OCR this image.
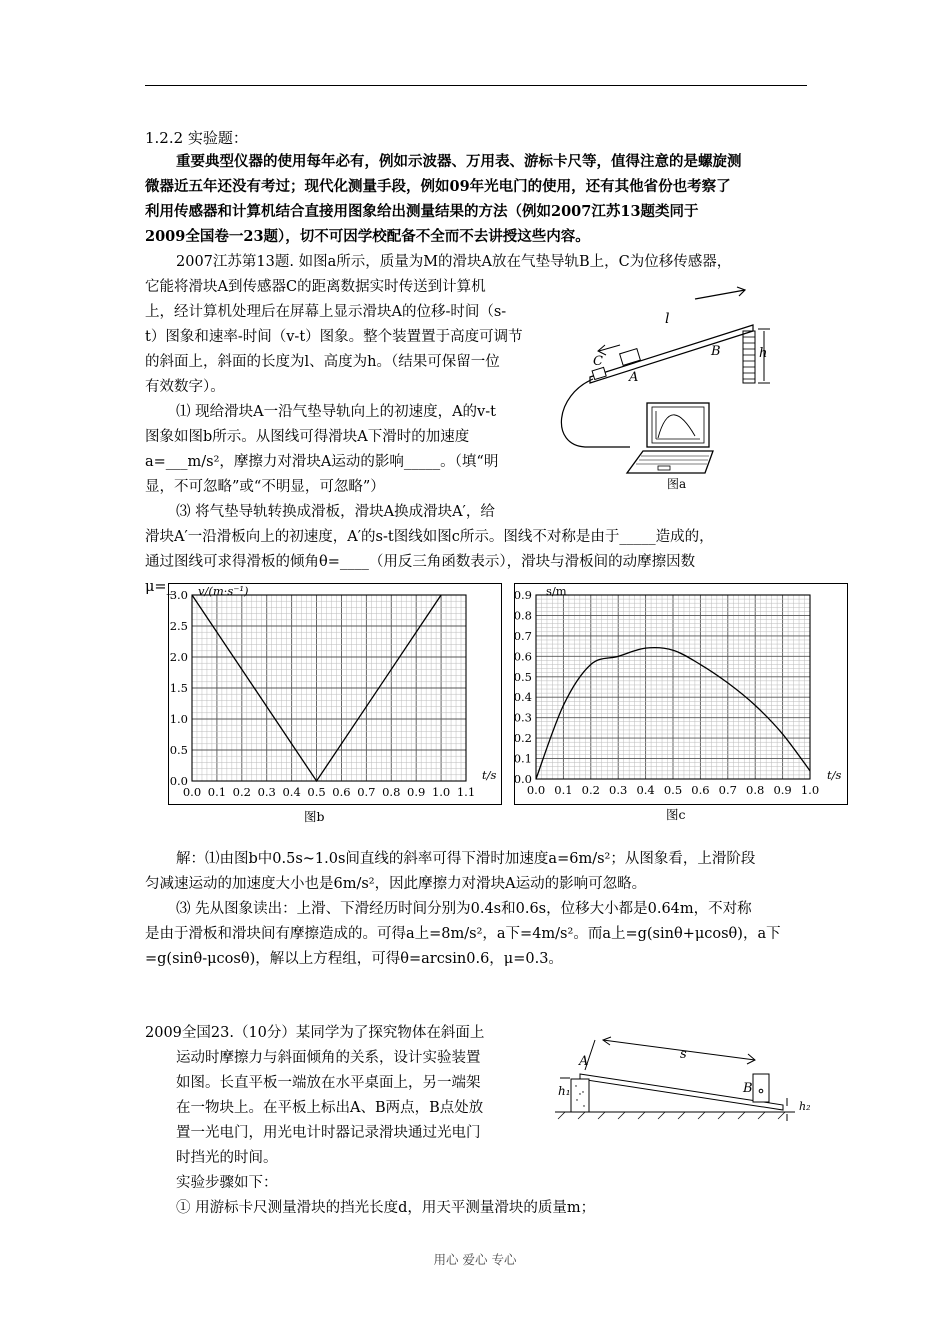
1.2.2 实验题：
重要典型仪器的使用每年必有，例如示波器、万用表、游标卡尺等，值得注意的是螺旋测
微器近五年还没有考过；现代化测量手段，例如09年光电门的使用，还有其他省份也考察了
利用传感器和计算机结合直接用图象给出测量结果的方法（例如2007江苏13题类同于
2009全国卷一23题），切不可因学校配备不全而不去讲授这些内容。
2007江苏第13题. 如图a所示，质量为M的滑块A放在气垫导轨B上，C为位移传感器，
它能将滑块A到传感器C的距离数据实时传送到计算机
上，经计算机处理后在屏幕上显示滑块A的位移-时间（s-
t）图象和速率-时间（v-t）图象。整个装置置于高度可调节
的斜面上，斜面的长度为l、高度为h。（结果可保留一位
有效数字）。
⑴ 现给滑块A一沿气垫导轨向上的初速度，A的v-t
图象如图b所示。从图线可得滑块A下滑时的加速度
a=___m/s²，摩擦力对滑块A运动的影响_____。（填“明
显，不可忽略”或“不明显，可忽略”）
⑶ 将气垫导轨转换成滑板，滑块A换成滑块A′，给
滑块A′一沿滑板向上的初速度，A′的s-t图线如图c所示。图线不对称是由于_____造成的，
通过图线可求得滑板的倾角θ=____（用反三角函数表示），滑块与滑板间的动摩擦因数
μ=_
l
h
B
A
C
图a
v/(m·s⁻¹)
t/s
3.0
2.5
2.0
1.5
1.0
0.5
0.0
0.0 0.1 0.2 0.3 0.4 0.5 0.6 0.7 0.8 0.9 1.0 1.1
图b
s/m
t/s
0.9
0.8
0.7
0.6
0.5
0.4
0.3
0.2
0.1
0.0
0.0 0.1 0.2 0.3 0.4 0.5 0.6 0.7 0.8 0.9 1.0
图c
解：⑴由图b中0.5s~1.0s间直线的斜率可得下滑时加速度a=6m/s²；从图象看，上滑阶段
匀减速运动的加速度大小也是6m/s²，因此摩擦力对滑块A运动的影响可忽略。
⑶ 先从图象读出：上滑、下滑经历时间分别为0.4s和0.6s，位移大小都是0.64m，不对称
是由于滑板和滑块间有摩擦造成的。可得a上=8m/s²，a下=4m/s²。而a上=g(sinθ+μcosθ)，a下
=g(sinθ-μcosθ)，解以上方程组，可得θ=arcsin0.6，μ=0.3。
2009全国23.（10分）某同学为了探究物体在斜面上
运动时摩擦力与斜面倾角的关系，设计实验装置
如图。长直平板一端放在水平桌面上，另一端架
在一物块上。在平板上标出A、B两点，B点处放
置一光电门，用光电计时器记录滑块通过光电门
时挡光的时间。
实验步骤如下：
① 用游标卡尺测量滑块的挡光长度d，用天平测量滑块的质量m；
A	s
h₁	B
h₂
用心 爱心 专心
